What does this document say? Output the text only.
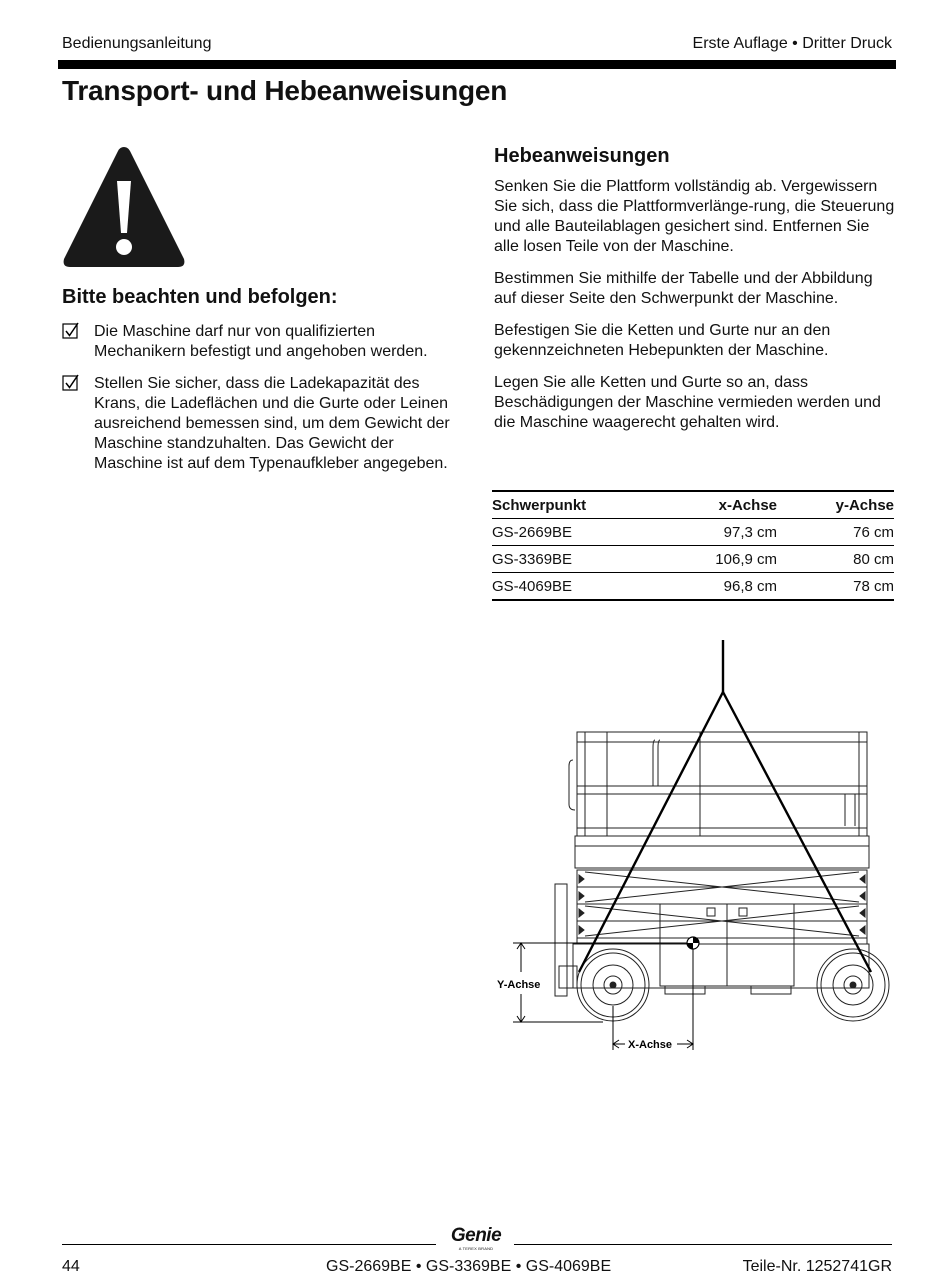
Bedienungsanleitung	Erste Auflage • Dritter Druck
Transport- und Hebeanweisungen
Bitte beachten und befolgen:
Die Maschine darf nur von qualifizierten Mechanikern befestigt und angehoben werden.
Stellen Sie sicher, dass die Ladekapazität des Krans, die Ladeflächen und die Gurte oder Leinen ausreichend bemessen sind, um dem Gewicht der Maschine standzuhalten. Das Gewicht der Maschine ist auf dem Typenaufkleber angegeben.
Hebeanweisungen

Senken Sie die Plattform vollständig ab. Vergewissern Sie sich, dass die Plattformverlänge-rung, die Steuerung und alle Bauteilablagen gesichert sind. Entfernen Sie alle losen Teile von der Maschine.

Bestimmen Sie mithilfe der Tabelle und der Abbildung auf dieser Seite den Schwerpunkt der Maschine.

Befestigen Sie die Ketten und Gurte nur an den gekennzeichneten Hebepunkten der Maschine.

Legen Sie alle Ketten und Gurte so an, dass Beschädigungen der Maschine vermieden werden und die Maschine waagerecht gehalten wird.

Schwerpunkt	x-Achse	y-Achse
GS-2669BE	97,3 cm	76 cm
GS-3369BE	106,9 cm	80 cm
GS-4069BE	96,8 cm	78 cm
Y-Achse
X-Achse
Genie
A TEREX BRAND
44	GS-2669BE • GS-3369BE • GS-4069BE	Teile-Nr. 1252741GR
